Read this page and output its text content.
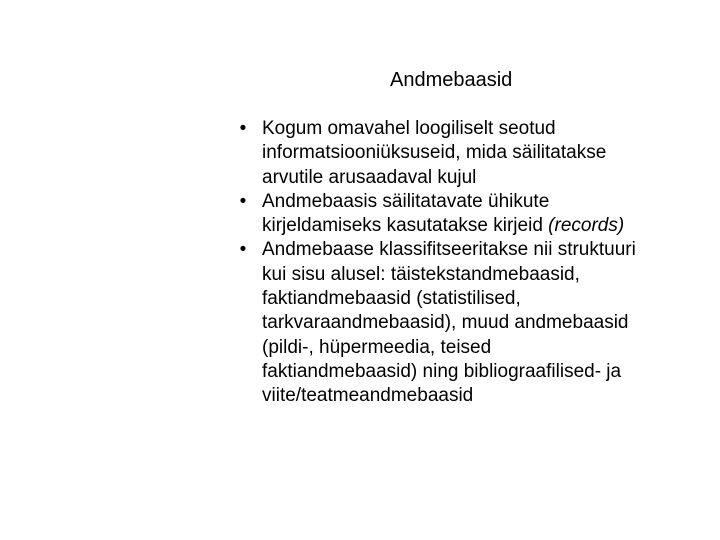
Andmebaasid
• Kogum omavahel loogiliselt seotud
informatsiooniüksuseid, mida säilitatakse
arvutile arusaadaval kujul
• Andmebaasis säilitatavate ühikute
kirjeldamiseks kasutatakse kirjeid (records)
• Andmebaase klassifitseeritakse nii struktuuri
kui sisu alusel: täistekstandmebaasid,
faktiandmebaasid (statistilised,
tarkvaraandmebaasid), muud andmebaasid
(pildi-, hüpermeedia, teised
faktiandmebaasid) ning bibliograafilised- ja
viite/teatmeandmebaasid
